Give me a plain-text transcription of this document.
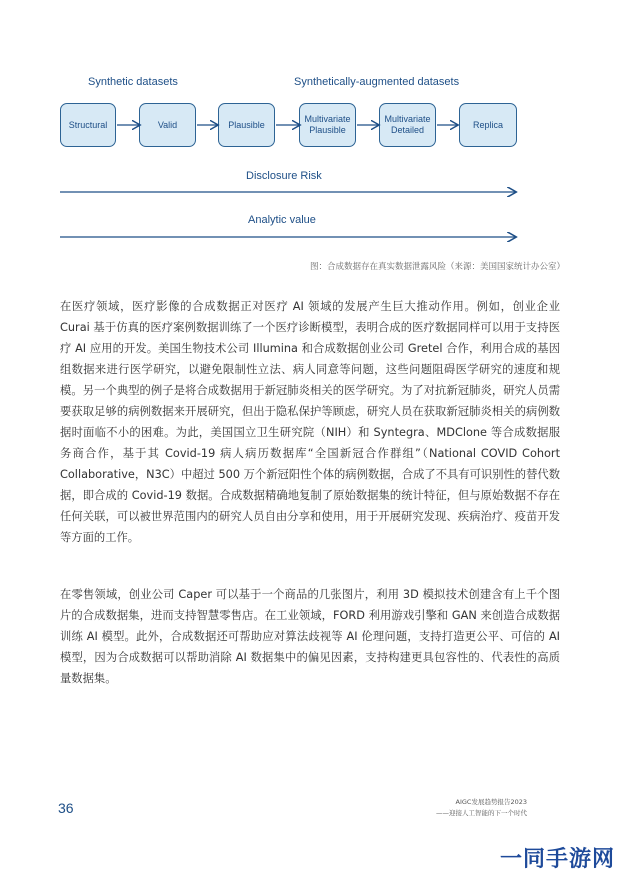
Synthetic datasets	Synthetically-augmented datasets
Structural	Valid	Plausible
Multivariate
Plausible
Multivariate
Detailed
Replica
Disclosure Risk
Analytic value
图：合成数据存在真实数据泄露风险（来源：美国国家统计办公室）

在医疗领域，医疗影像的合成数据正对医疗 AI 领域的发展产生巨大推动作用。例如，创业企业 Curai 基于仿真的医疗案例数据训练了一个医疗诊断模型，表明合成的医疗数据同样可以用于支持医疗 AI 应用的开发。美国生物技术公司 Illumina 和合成数据创业公司 Gretel 合作，利用合成的基因组数据来进行医学研究，以避免限制性立法、病人同意等问题，这些问题阻碍医学研究的速度和规模。另一个典型的例子是将合成数据用于新冠肺炎相关的医学研究。为了对抗新冠肺炎，研究人员需要获取足够的病例数据来开展研究，但出于隐私保护等顾虑，研究人员在获取新冠肺炎相关的病例数据时面临不小的困难。为此，美国国立卫生研究院（NIH）和 Syntegra、MDClone 等合成数据服务商合作，基于其 Covid-19 病人病历数据库“全国新冠合作群组”（National COVID Cohort Collaborative，N3C）中超过 500 万个新冠阳性个体的病例数据，合成了不具有可识别性的替代数据，即合成的 Covid-19 数据。合成数据精确地复制了原始数据集的统计特征，但与原始数据不存在任何关联，可以被世界范围内的研究人员自由分享和使用，用于开展研究发现、疾病治疗、疫苗开发等方面的工作。

在零售领域，创业公司 Caper 可以基于一个商品的几张图片，利用 3D 模拟技术创建含有上千个图片的合成数据集，进而支持智慧零售店。在工业领域，FORD 利用游戏引擎和 GAN 来创造合成数据训练 AI 模型。此外，合成数据还可帮助应对算法歧视等 AI 伦理问题，支持打造更公平、可信的 AI 模型，因为合成数据可以帮助消除 AI 数据集中的偏见因素，支持构建更具包容性的、代表性的高质量数据集。

36	AIGC发展趋势报告2023
——迎接人工智能的下一个时代
一同手游网
